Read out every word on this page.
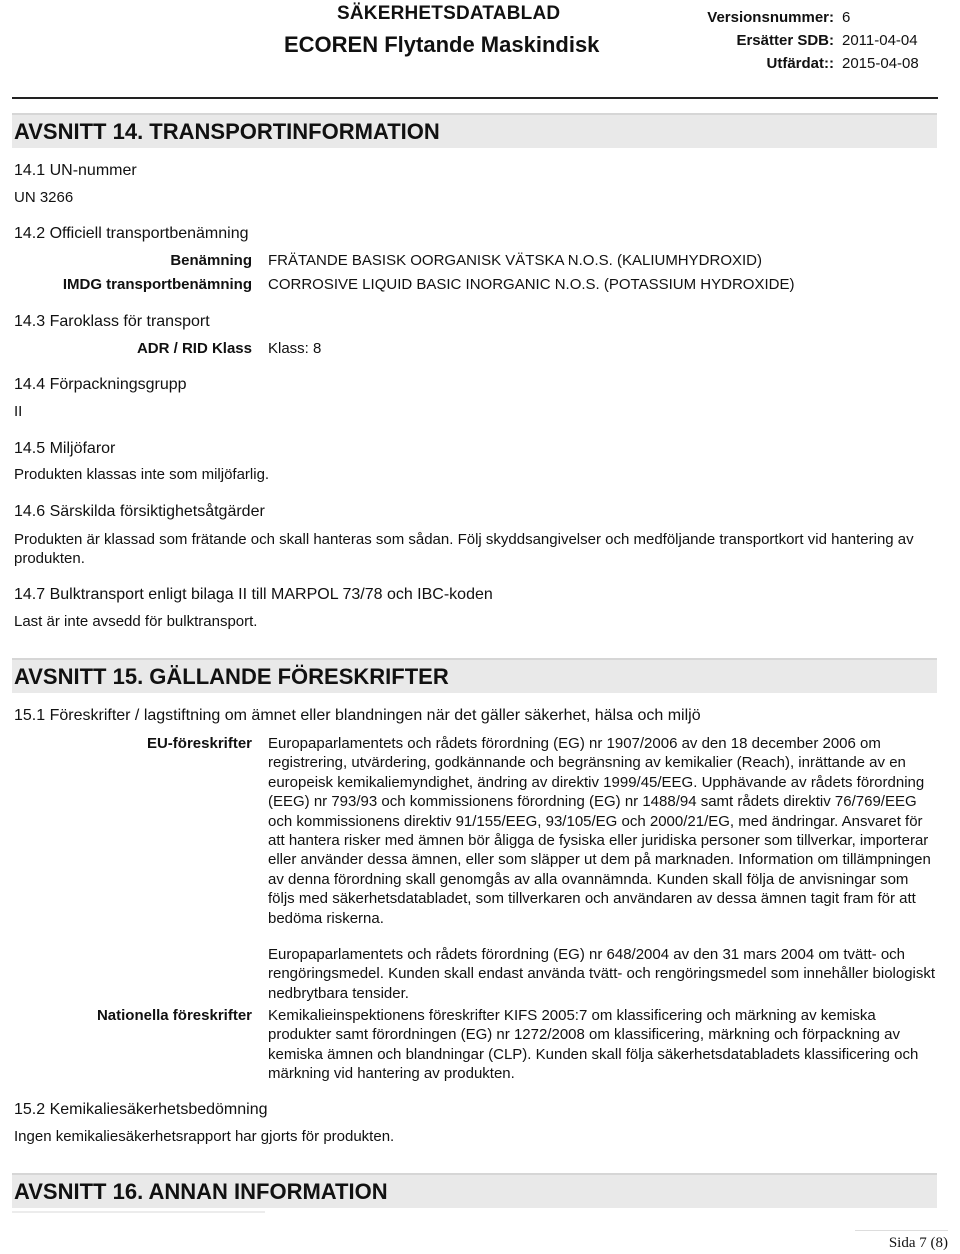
SÄKERHETSDATABLAD
ECOREN Flytande Maskindisk
Versionsnummer: 6
Ersätter SDB: 2011-04-04
Utfärdat:: 2015-04-08
AVSNITT 14. TRANSPORTINFORMATION
14.1 UN-nummer
UN 3266
14.2 Officiell transportbenämning
Benämning FRÄTANDE BASISK OORGANISK VÄTSKA N.O.S. (KALIUMHYDROXID)
IMDG transportbenämning CORROSIVE LIQUID BASIC INORGANIC N.O.S. (POTASSIUM HYDROXIDE)
14.3 Faroklass för transport
ADR / RID Klass Klass: 8
14.4 Förpackningsgrupp
II
14.5 Miljöfaror
Produkten klassas inte som miljöfarlig.
14.6 Särskilda försiktighetsåtgärder
Produkten är klassad som frätande och skall hanteras som sådan. Följ skyddsangivelser och medföljande transportkort vid hantering av produkten.
14.7 Bulktransport enligt bilaga II till MARPOL 73/78 och IBC-koden
Last är inte avsedd för bulktransport.
AVSNITT 15. GÄLLANDE FÖRESKRIFTER
15.1 Föreskrifter / lagstiftning om ämnet eller blandningen när det gäller säkerhet, hälsa och miljö
EU-föreskrifter Europaparlamentets och rådets förordning (EG) nr 1907/2006 av den 18 december 2006 om registrering, utvärdering, godkännande och begränsning av kemikalier (Reach), inrättande av en europeisk kemikaliemyndighet, ändring av direktiv 1999/45/EEG. Upphävande av rådets förordning (EEG) nr 793/93 och kommissionens förordning (EG) nr 1488/94 samt rådets direktiv 76/769/EEG och kommissionens direktiv 91/155/EEG, 93/105/EG och 2000/21/EG, med ändringar. Ansvaret för att hantera risker med ämnen bör åligga de fysiska eller juridiska personer som tillverkar, importerar eller använder dessa ämnen, eller som släpper ut dem på marknaden. Information om tillämpningen av denna förordning skall genomgås av alla ovannämnda. Kunden skall följa de anvisningar som följs med säkerhetsdatabladet, som tillverkaren och användaren av dessa ämnen tagit fram för att bedöma riskerna.
Europaparlamentets och rådets förordning (EG) nr 648/2004 av den 31 mars 2004 om tvätt- och rengöringsmedel. Kunden skall endast använda tvätt- och rengöringsmedel som innehåller biologiskt nedbrytbara tensider.
Nationella föreskrifter Kemikalieinspektionens föreskrifter KIFS 2005:7 om klassificering och märkning av kemiska produkter samt förordningen (EG) nr 1272/2008 om klassificering, märkning och förpackning av kemiska ämnen och blandningar (CLP). Kunden skall följa säkerhetsdatabladets klassificering och märkning vid hantering av produkten.
15.2 Kemikaliesäkerhetsbedömning
Ingen kemikaliesäkerhetsrapport har gjorts för produkten.
AVSNITT 16. ANNAN INFORMATION
Sida 7 (8)
